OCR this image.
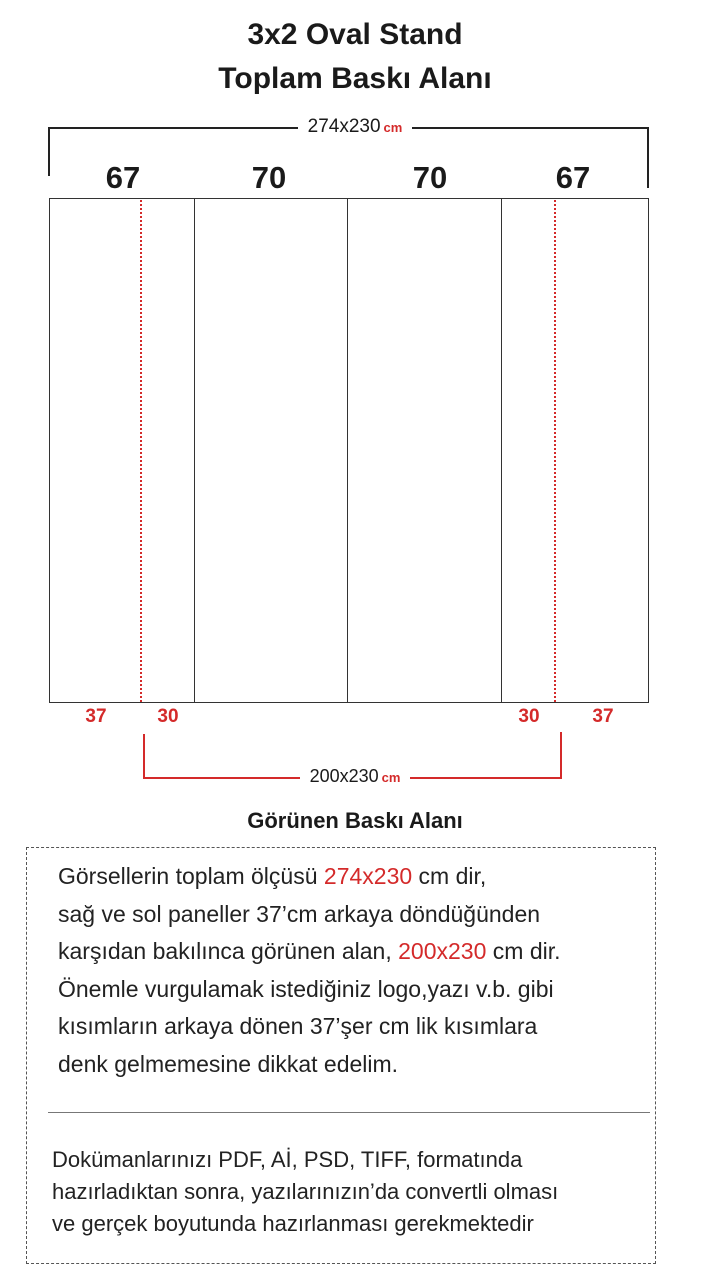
3x2 Oval Stand
Toplam Baskı Alanı
274x230 cm
67	70	70	67
37	30	30	37
200x230 cm
Görünen Baskı Alanı
Görsellerin toplam ölçüsü 274x230 cm dir,
sağ ve sol paneller 37’cm arkaya döndüğünden
karşıdan bakılınca görünen alan, 200x230 cm dir.
Önemle vurgulamak istediğiniz logo,yazı v.b. gibi
kısımların arkaya dönen 37’şer cm lik kısımlara
denk gelmemesine dikkat edelim.
Dokümanlarınızı PDF, Aİ, PSD, TIFF, formatında
hazırladıktan sonra, yazılarınızın’da convertli olması
ve gerçek boyutunda hazırlanması gerekmektedir
